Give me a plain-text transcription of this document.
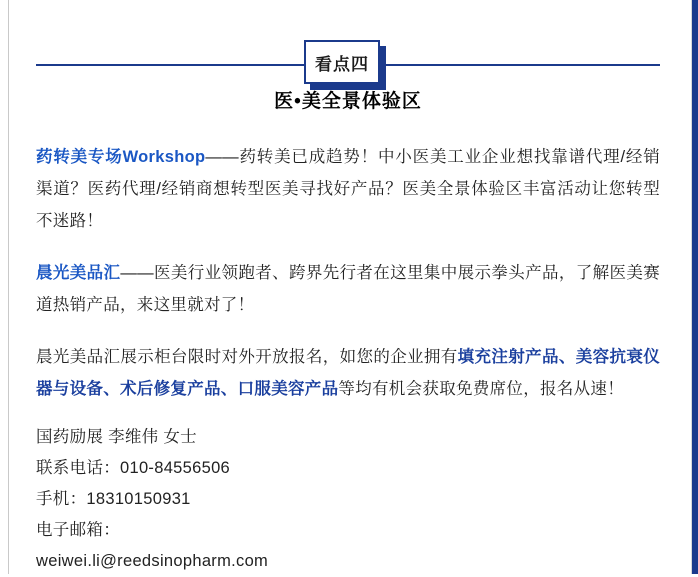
看点四
医•美全景体验区

药转美专场Workshop——药转美已成趋势！中小医美工业企业想找靠谱代理/经销渠道？医药代理/经销商想转型医美寻找好产品？医美全景体验区丰富活动让您转型不迷路！

晨光美品汇——医美行业领跑者、跨界先行者在这里集中展示拳头产品，了解医美赛道热销产品，来这里就对了！

晨光美品汇展示柜台限时对外开放报名，如您的企业拥有填充注射产品、美容抗衰仪器与设备、术后修复产品、口服美容产品等均有机会获取免费席位，报名从速！

国药励展 李维伟 女士
联系电话：010-84556506
手机：18310150931
电子邮箱：
weiwei.li@reedsinopharm.com
